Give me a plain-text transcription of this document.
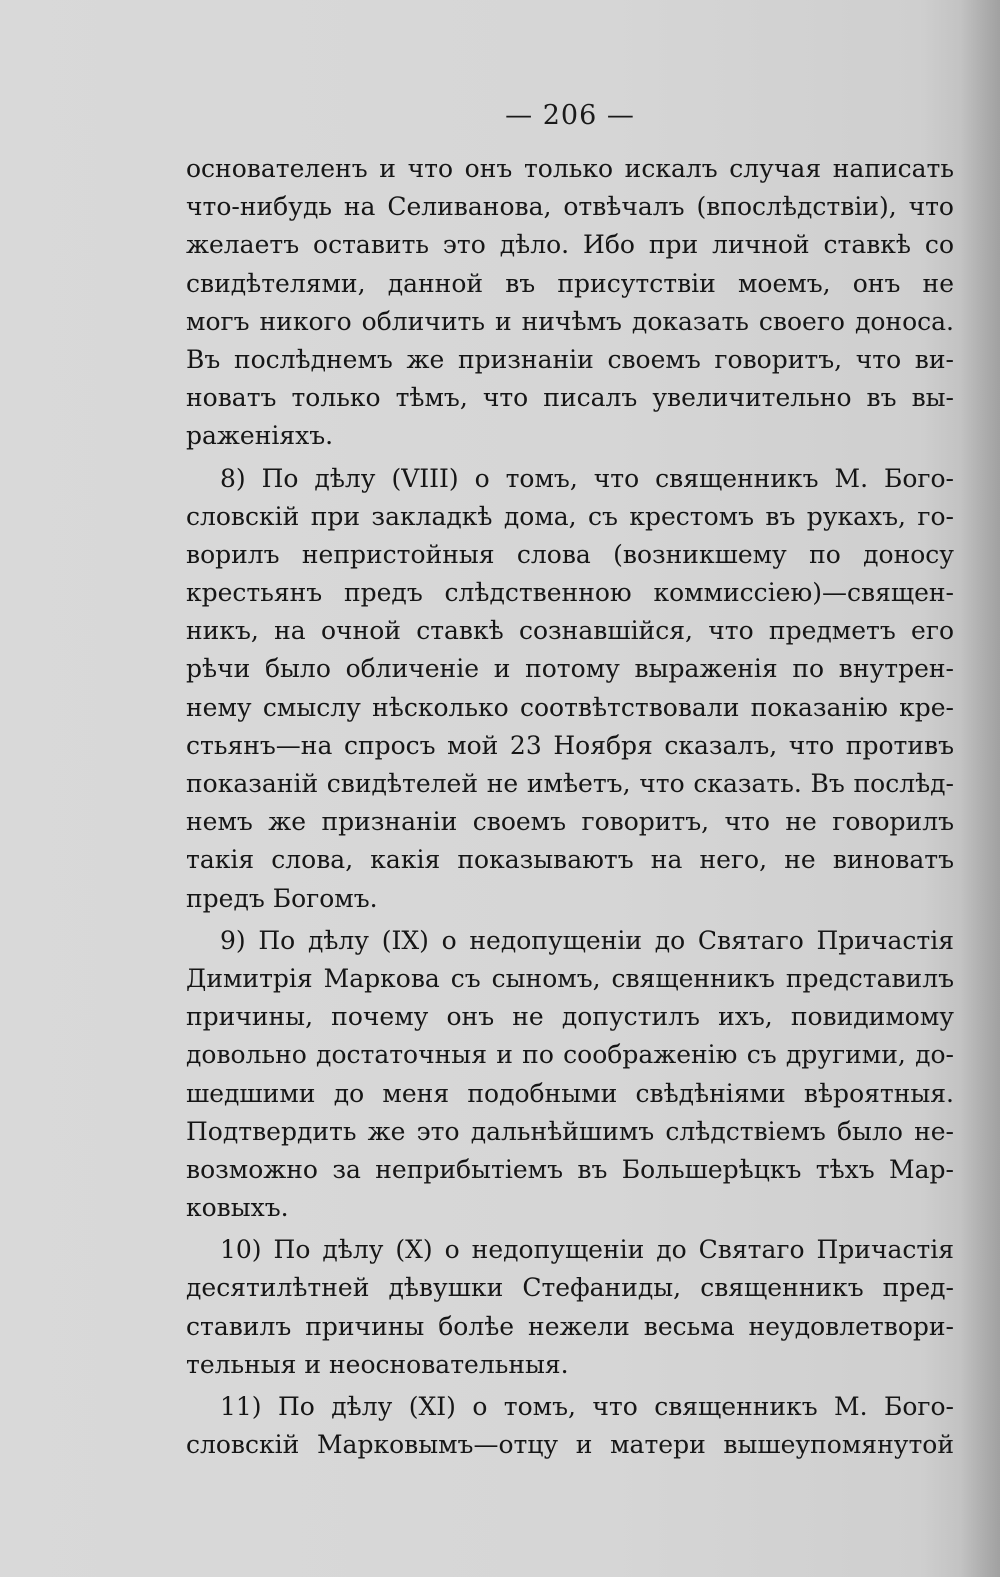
— 206 —
основателенъ и что онъ только искалъ случая написать
что-нибудь на Селиванова, отвѣчалъ (впослѣдствіи), что
желаетъ оставить это дѣло. Ибо при личной ставкѣ со
свидѣтелями, данной въ присутствіи моемъ, онъ не
могъ никого обличить и ничѣмъ доказать своего доноса.
Въ послѣднемъ же признаніи своемъ говоритъ, что ви-
новатъ только тѣмъ, что писалъ увеличительно въ вы-
раженіяхъ.
8) По дѣлу (VIII) о томъ, что священникъ М. Бого-
словскій при закладкѣ дома, съ крестомъ въ рукахъ, го-
ворилъ непристойныя слова (возникшему по доносу
крестьянъ предъ слѣдственною коммиссіею)—священ-
никъ, на очной ставкѣ сознавшійся, что предметъ его
рѣчи было обличеніе и потому выраженія по внутрен-
нему смыслу нѣсколько соотвѣтствовали показанію кре-
стьянъ—на спросъ мой 23 Ноября сказалъ, что противъ
показаній свидѣтелей не имѣетъ, что сказать. Въ послѣд-
немъ же признаніи своемъ говоритъ, что не говорилъ
такія слова, какія показываютъ на него, не виноватъ
предъ Богомъ.
9) По дѣлу (IX) о недопущеніи до Святаго Причастія
Димитрія Маркова съ сыномъ, священникъ представилъ
причины, почему онъ не допустилъ ихъ, повидимому
довольно достаточныя и по соображенію съ другими, до-
шедшими до меня подобными свѣдѣніями вѣроятныя.
Подтвердить же это дальнѣйшимъ слѣдствіемъ было не-
возможно за неприбытіемъ въ Большерѣцкъ тѣхъ Мар-
ковыхъ.
10) По дѣлу (X) о недопущеніи до Святаго Причастія
десятилѣтней дѣвушки Стефаниды, священникъ пред-
ставилъ причины болѣе нежели весьма неудовлетвори-
тельныя и неосновательныя.
11) По дѣлу (XI) о томъ, что священникъ М. Бого-
словскій Марковымъ—отцу и матери вышеупомянутой
